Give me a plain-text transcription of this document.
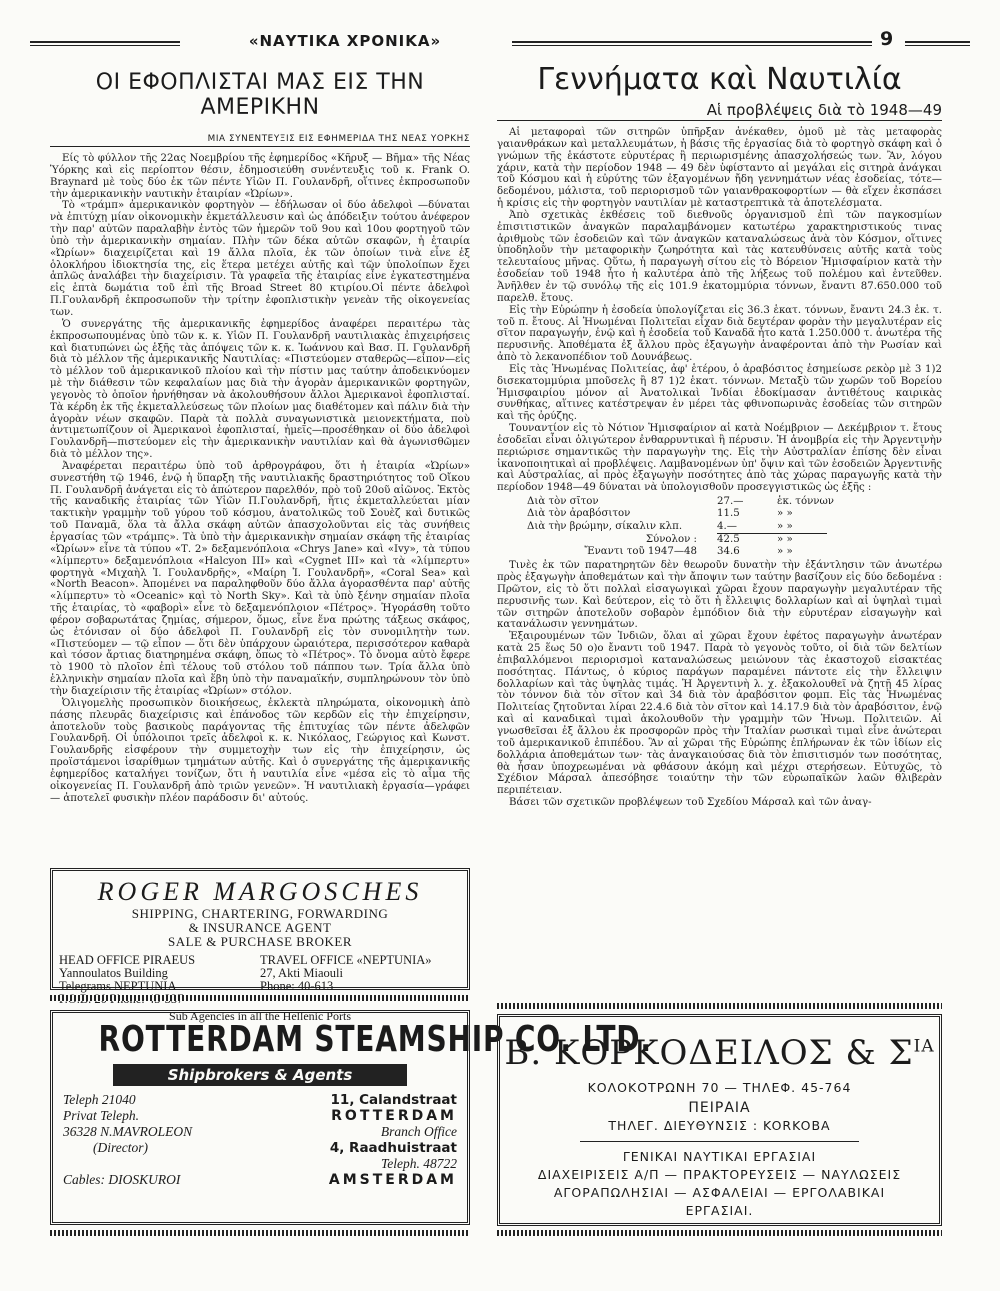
«ΝΑΥΤΙΚΑ ΧΡΟΝΙΚΑ»	9
ΟΙ ΕΦΟΠΛΙΣΤΑΙ ΜΑΣ ΕΙΣ ΤΗΝ ΑΜΕΡΙΚΗΝ
ΜΙΑ ΣΥΝΕΝΤΕΥΞΙΣ ΕΙΣ ΕΦΗΜΕΡΙΔΑ ΤΗΣ ΝΕΑΣ ΥΟΡΚΗΣ

Είς τὸ φύλλον τῆς 22ας Νοεμβρίου τῆς ἐφημερίδος «Κῆρυξ — Βῆμα» τῆς Νέας Ὑόρκης καὶ εἰς περίοπτον θέσιν, ἐδημοσιεύθη συνέντευξις τοῦ κ. Frank O. Braynard μὲ τοὺς δύο ἐκ τῶν πέντε Υἱῶν Π. Γουλανδρῆ, οἵτινες ἐκπροσωποῦν τὴν ἀμερικανικὴν ναυτικὴν ἑταιρίαν «Ὠρίων».

Τὸ «τράμπ» ἀμερικανικὸν φορτηγὸν — ἐδήλωσαν οἱ δύο ἀδελφοὶ —δύναται νὰ ἐπιτύχῃ μίαν οἰκονομικὴν ἐκμετάλλευσιν καὶ ὡς ἀπόδειξιν τούτου ἀνέφερον τὴν παρ' αὐτῶν παραλαβὴν ἐντὸς τῶν ἡμερῶν τοῦ 9ου καὶ 10ου φορτηγοῦ τῶν ὑπὸ τὴν ἀμερικανικὴν σημαίαν. Πλὴν τῶν δέκα αὐτῶν σκαφῶν, ἡ ἑταιρία «Ὠρίων» διαχειρίζεται καὶ 19 ἄλλα πλοῖα, ἐκ τῶν ὁποίων τινὰ εἶνε ἐξ ὁλοκλήρου ἰδιοκτησία της, εἰς ἕτερα μετέχει αὐτῆς καὶ τῶν ὑπολοίπων ἔχει ἁπλῶς ἀναλάβει τὴν διαχείρισιν. Τὰ γραφεῖα τῆς ἑταιρίας εἶνε ἐγκατεστημένα εἰς ἑπτὰ δωμάτια τοῦ ἐπὶ τῆς Broad Street 80 κτιρίου.Οἱ πέντε ἀδελφοὶ Π.Γουλανδρῆ ἐκπροσωποῦν τὴν τρίτην ἐφοπλιστικὴν γενεὰν τῆς οἰκογενείας των.

Ὁ συνεργάτης τῆς ἀμερικανικῆς ἐφημερίδος ἀναφέρει περαιτέρω τὰς ἐκπροσωπουμένας ὑπὸ τῶν κ. κ. Υἱῶν Π. Γουλανδρῆ ναυτιλιακὰς ἐπιχειρήσεις καὶ διατυπώνει ὡς ἑξῆς τὰς ἀπόψεις τῶν κ. κ. Ἰωάννου καὶ Βασ. Π. Γουλανδρῆ διὰ τὸ μέλλον τῆς ἀμερικανικῆς Ναυτιλίας: «Πιστεύομεν σταθερῶς—εἶπον—εἰς τὸ μέλλον τοῦ ἀμερικανικοῦ πλοίου καὶ τὴν πίστιν μας ταύτην ἀποδεικνύομεν μὲ τὴν διάθεσιν τῶν κεφαλαίων μας διὰ τὴν ἀγορὰν ἀμερικανικῶν φορτηγῶν, γεγονὸς τὸ ὁποῖον ἠρνήθησαν νὰ ἀκολουθήσουν ἄλλοι Ἀμερικανοὶ ἐφοπλισταί. Τὰ κέρδη ἐκ τῆς ἐκμεταλλεύσεως τῶν πλοίων μας διαθέτομεν καὶ πάλιν διὰ τὴν ἀγορὰν νέων σκαφῶν. Παρὰ τὰ πολλὰ συναγωνιστικὰ μειονεκτήματα, ποὺ ἀντιμετωπίζουν οἱ Ἀμερικανοὶ ἐφοπλισταί, ἡμεῖς—προσέθηκαν οἱ δύο ἀδελφοὶ Γουλανδρῆ—πιστεύομεν εἰς τὴν ἀμερικανικὴν ναυτιλίαν καὶ θὰ ἀγωνισθῶμεν διὰ τὸ μέλλον της».

Ἀναφέρεται περαιτέρω ὑπὸ τοῦ ἀρθρογράφου, ὅτι ἡ ἑταιρία «Ὠρίων» συνεστήθη τῷ 1946, ἐνῷ ἡ ὕπαρξη τῆς ναυτιλιακῆς δραστηριότητος τοῦ Οἴκου Π. Γουλανδρῆ ἀνάγεται εἰς τὸ ἀπώτερον παρελθόν, πρὸ τοῦ 20οῦ αἰῶνος. Ἐκτὸς τῆς καναδικῆς ἑταιρίας τῶν Υἱῶν Π.Γουλανδρῆ, ἥτις ἐκμεταλλεύεται μίαν τακτικὴν γραμμὴν τοῦ γύρου τοῦ κόσμου, ἀνατολικῶς τοῦ Σουὲζ καὶ δυτικῶς τοῦ Παναμᾶ, ὅλα τὰ ἄλλα σκάφη αὐτῶν ἀπασχολοῦνται εἰς τὰς συνήθεις ἐργασίας τῶν «τράμπς». Τὰ ὑπὸ τὴν ἀμερικανικὴν σημαίαν σκάφη τῆς ἑταιρίας «Ὠρίων» εἶνε τὰ τύπου «Τ. 2» δεξαμενόπλοια «Chrys Jane» καὶ «Ivy», τὰ τύπου «λίμπερτυ» δεξαμενόπλοια «Halcyon III» καὶ «Cygnet III» καὶ τὰ «λίμπερτυ» φορτηγὰ «Μιχαὴλ Ἰ. Γουλανδρῆς», «Μαίρη Ἰ. Γουλανδρῆ», «Coral Sea» καὶ «North Beacon». Ἀπομένει να παραληφθοῦν δύο ἄλλα ἀγορασθέντα παρ' αὐτῆς «λίμπερτυ» τὸ «Oceanic» καὶ τὸ North Sky». Καὶ τὰ ὑπὸ ξένην σημαίαν πλοῖα τῆς ἑταιρίας, τὸ «φαβορὶ» εἶνε τὸ δεξαμενόπλοιον «Πέτρος». Ἠγοράσθη τοῦτο φέρον σοβαρωτάτας ζημίας, σήμερον, ὅμως, εἶνε ἕνα πρώτης τάξεως σκάφος, ὡς ἐτόνισαν οἱ δύο ἀδελφοὶ Π. Γουλανδρῆ εἰς τὸν συνομιλητὴν των. «Πιστεύομεν — τῷ εἶπον — ὅτι δὲν ὑπάρχουν ὡραιότερα, περισσότερον καθαρὰ καὶ τόσον ἄρτιας διατηρημένα σκάφη, ὅπως τὸ «Πέτρος». Τὸ ὄνομα αὐτὸ ἔφερε τὸ 1900 τὸ πλοῖον ἐπὶ τέλους τοῦ στόλου τοῦ πάππου των. Τρία ἄλλα ὑπὸ ἑλληνικὴν σημαίαν πλοῖα καὶ ἕβη ὑπὸ τὴν παναμαϊκήν, συμπληρώνουν τὸν ὑπὸ τὴν διαχείρισιν τῆς ἑταιρίας «Ὠρίων» στόλον.

Ὀλιγομελὴς προσωπικὸν διοικήσεως, ἐκλεκτὰ πληρώματα, οἰκονομικὴ ἀπὸ πάσης πλευρᾶς διαχείρισις καὶ ἐπάνοδος τῶν κερδῶν εἰς τὴν ἐπιχείρησιν, ἀποτελοῦν τοὺς βασικοὺς παράγοντας τῆς ἐπιτυχίας τῶν πέντε ἀδελφῶν Γουλανδρῆ. Οἱ ὑπόλοιποι τρεῖς ἀδελφοὶ κ. κ. Νικόλαος, Γεώργιος καὶ Κωνστ. Γουλανδρῆς εἰσφέρουν τὴν συμμετοχὴν των εἰς τὴν ἐπιχείρησιν, ὡς προϊστάμενοι ἰσαρίθμων τμημάτων αὐτῆς. Καὶ ὁ συνεργάτης τῆς ἀμερικανικῆς ἐφημερίδος καταλήγει τονίζων, ὅτι ἡ ναυτιλία εἶνε «μέσα εἰς τὸ αἷμα τῆς οἰκογενείας Π. Γουλανδρῆ ἀπὸ τριῶν γενεῶν». Ἡ ναυτιλιακὴ ἐργασία—γράφει — ἀποτελεῖ φυσικὴν πλέον παράδοσιν δι' αὐτούς.

Γεννήματα καὶ Ναυτιλία
Αἱ προβλέψεις διὰ τὸ 1948—49

Αἱ μεταφοραὶ τῶν σιτηρῶν ὑπῆρξαν ἀνέκαθεν, ὁμοῦ μὲ τὰς μεταφορὰς γαιανθράκων καὶ μεταλλευμάτων, ἡ βάσις τῆς ἐργασίας διὰ τὸ φορτηγὸ σκάφη καὶ ὁ γνώμων τῆς ἑκάστοτε εὐρυτέρας ἢ περιωρισμένης ἀπασχολήσεώς των. Ἂν, λόγου χάριν, κατὰ τὴν περίοδον 1948 — 49 δὲν ὑφίσταντο αἱ μεγάλαι εἰς σιτηρὰ ἀνάγκαι τοῦ Κόσμου καὶ ἡ εὐρύτης τῶν ἐξαγομένων ἤδη γεννημάτων νέας ἐσοδείας, τότε—δεδομένου, μάλιστα, τοῦ περιορισμοῦ τῶν γαιανθρακοφορτίων — θὰ εἴχεν ἐκσπάσει ἡ κρίσις εἰς τὴν φορτηγὸν ναυτιλίαν μὲ καταστρεπτικὰ τὰ ἀποτελέσματα.

Ἀπὸ σχετικὰς ἐκθέσεις τοῦ διεθνοῦς ὀργανισμοῦ ἐπὶ τῶν παγκοσμίων ἐπισιτιστικῶν ἀναγκῶν παραλαμβάνομεν κατωτέρω χαρακτηριστικούς τινας ἀριθμοὺς τῶν ἐσοδειῶν καὶ τῶν ἀναγκῶν καταναλώσεως ἀνὰ τὸν Κόσμον, οἵτινες ὑποδηλοῦν τὴν μεταφορικὴν ζωηρότητα καὶ τὰς κατευθύνσεις αὐτῆς κατὰ τοὺς τελευταίους μῆνας. Οὕτω, ἡ παραγωγὴ σίτου εἰς τὸ Βόρειον Ἡμισφαίριον κατὰ τὴν ἐσοδείαν τοῦ 1948 ἦτο ἡ καλυτέρα ἀπὸ τῆς λήξεως τοῦ πολέμου καὶ ἐντεῦθεν. Ἀνῆλθεν ἐν τῷ συνόλῳ τῆς εἰς 101.9 ἑκατομμύρια τόννων, ἔναντι 87.650.000 τοῦ παρελθ. ἔτους.

Εἰς τὴν Εὐρώπην ἡ ἐσοδεία ὑπολογίζεται εἰς 36.3 ἑκατ. τόννων, ἔναντι 24.3 ἑκ. τ. τοῦ π. ἔτους. Αἱ Ἡνωμέναι Πολιτεῖαι εἶχαν διὰ δευτέραν φορὰν τὴν μεγαλυτέραν εἰς σῖτον παραγωγήν, ἐνῷ καὶ ἡ ἐσοδεία τοῦ Καναδᾶ ἦτο κατὰ 1.250.000 τ. ἀνωτέρα τῆς περυσινῆς. Ἀποθέματα ἐξ ἄλλου πρὸς ἐξαγωγὴν ἀναφέρονται ἀπὸ τὴν Ρωσίαν καὶ ἀπὸ τὸ λεκανοπέδιον τοῦ Δουνάβεως.

Εἰς τὰς Ἡνωμένας Πολιτείας, ἀφ' ἑτέρου, ὁ ἀραβόσιτος ἐσημείωσε ρεκὸρ μὲ 3 1)2 δισεκατομμύρια μποῦσελς ἢ 87 1)2 ἑκατ. τόννων. Μεταξὺ τῶν χωρῶν τοῦ Βορείου Ἡμισφαιρίου μόνον αἱ Ἀνατολικαὶ Ἰνδίαι ἐδοκίμασαν ἀντιθέτους καιρικὰς συνθήκας, αἵτινες κατέστρεψαν ἐν μέρει τὰς φθινοπωρινὰς ἐσοδείας τῶν σιτηρῶν καὶ τῆς ὀρύζης.

Τουναντίον εἰς τὸ Νότιον Ἡμισφαίριον αἱ κατὰ Νοέμβριον — Δεκέμβριον τ. ἔτους ἐσοδεῖαι εἶναι ὀλιγώτερον ἐνθαρρυντικαὶ ἢ πέρυσιν. Ἡ ἀνομβρία εἰς τὴν Ἀργεντινὴν περιώρισε σημαντικῶς τὴν παραγωγὴν της. Εἰς τὴν Αὐστραλίαν ἐπίσης δὲν εἶναι ἱκανοποιητικαὶ αἱ προβλέψεις. Λαμβανομένων ὑπ' ὄψιν καὶ τῶν ἐσοδειῶν Ἀργεντινῆς καὶ Αὐστραλίας, αἱ πρὸς ἐξαγωγὴν ποσότητες ἀπὸ τὰς χώρας παραγωγῆς κατὰ τὴν περίοδον 1948—49 δύναται νὰ ὑπολογισθοῦν προσεγγιστικῶς ὡς ἑξῆς :

Διὰ τὸν σῖτον	27.—	ἑκ. τόννων
Διὰ τὸν ἀραβόσιτον	11.5	» »
Διὰ τὴν βρώμην, σίκαλιν κλπ.	4.—	» »
Σύνολον :	42.5	» »
Ἔναντι τοῦ 1947—48	34.6	» »

Τινὲς ἐκ τῶν παρατηρητῶν δὲν θεωροῦν δυνατὴν τὴν ἐξάντλησιν τῶν ἀνωτέρω πρὸς ἐξαγωγὴν ἀποθεμάτων καὶ τὴν ἄποψιν των ταύτην βασίζουν εἰς δύο δεδομένα : Πρῶτον, εἰς τὸ ὅτι πολλαὶ εἰσαγωγικαὶ χῶραι ἔχουν παραγωγὴν μεγαλυτέραν τῆς περυσινῆς των. Καὶ δεύτερον, εἰς τὸ ὅτι ἡ ἔλλειψις δολλαρίων καὶ αἱ ὑψηλαὶ τιμαὶ τῶν σιτηρῶν ἀποτελοῦν σοβαρὸν ἐμπόδιον διὰ τὴν εὐρυτέραν εἰσαγωγὴν καὶ κατανάλωσιν γεννημάτων.

Ἐξαιρουμένων τῶν Ἰνδιῶν, ὅλαι αἱ χῶραι ἔχουν ἐφέτος παραγωγὴν ἀνωτέραν κατὰ 25 ἕως 50 ο)ο ἔναντι τοῦ 1947. Παρὰ τὸ γεγονὸς τοῦτο, οἱ διὰ τῶν δελτίων ἐπιβαλλόμενοι περιορισμοὶ καταναλώσεως μειώνουν τὰς ἐκαστοχοῦ εἰσακτέας ποσότητας. Πάντως, ὁ κύριος παράγων παραμένει πάντοτε εἰς τὴν ἔλλειψιν δολλαρίων καὶ τὰς ὑψηλὰς τιμάς. Ἡ Ἀργεντινὴ λ. χ. ἐξακολουθεῖ νὰ ζητῇ 45 λίρας τὸν τόννον διὰ τὸν σῖτον καὶ 34 διὰ τὸν ἀραβόσιτον φομπ. Εἰς τὰς Ἡνωμένας Πολιτείας ζητοῦνται λίραι 22.4.6 διὰ τὸν σῖτον καὶ 14.17.9 διὰ τὸν ἀραβόσιτον, ἐνῷ καὶ αἱ καναδικαὶ τιμαὶ ἀκολουθοῦν τὴν γραμμὴν τῶν Ἡνωμ. Πολιτειῶν. Αἱ γνωσθεῖσαι ἐξ ἄλλου ἐκ προσφορῶν πρὸς τὴν Ἰταλίαν ρωσικαὶ τιμαὶ εἶνε ἀνώτεραι τοῦ ἀμερικανικοῦ ἐπιπέδου. Ἂν αἱ χῶραι τῆς Εὐρώπης ἐπλήρωναν ἐκ τῶν ἰδίων εἰς δολλάρια ἀποθεμάτων των· τὰς ἀναγκαιούσας διὰ τὸν ἐπισιτισμόν των ποσότητας, θὰ ἦσαν ὑποχρεωμέναι νὰ φθάσουν ἀκόμη καὶ μέχρι στερήσεων. Εὐτυχῶς, τὸ Σχέδιον Μάρσαλ ἀπεσόβησε τοιαύτην τὴν τῶν εὐρωπαϊκῶν λαῶν θλιβερὰν περιπέτειαν.

Βάσει τῶν σχετικῶν προβλέψεων τοῦ Σχεδίου Μάρσαλ καὶ τῶν ἀναγ-

ROGER MARGOSCHES
SHIPPING, CHARTERING, FORWARDING
& INSURANCE AGENT
SALE & PURCHASE BROKER
HEAD OFFICE PIRAEUS
Yannoulatos Building
Telegrams NEPTUNIA
TRAVEL OFFICE «NEPTUNIA»
27, Akti Miaouli
Phone: 40-613
Sub Agencies in all the Hellenic Ports
ROTTERDAM STEAMSHIP CO. LTD.
Shipbrokers & Agents
Teleph 21040
Privat Teleph.
36328 N.MAVROLEON
(Director)
Cables: DIOSKUROI
11, Calandstraat
ROTTERDAM
Branch Office
4, Raadhuistraat
Teleph. 48722
AMSTERDAM
Β. ΚΟΡΚΟΔΕΙΛΟΣ & $\Sigma^{IA}$
ΚΟΛΟΚΟΤΡΩΝΗ 70 — ΤΗΛΕΦ. 45-764
ΠΕΙΡΑΙΑ
ΤΗΛΕΓ. ΔΙΕΥΘΥΝΣΙΣ : KORKOBA
ΓΕΝΙΚΑΙ ΝΑΥΤΙΚΑΙ ΕΡΓΑΣΙΑΙ
ΔΙΑΧΕΙΡΙΣΕΙΣ Α/Π — ΠΡΑΚΤΟΡΕΥΣΕΙΣ — ΝΑΥΛΩΣΕΙΣ
ΑΓΟΡΑΠΩΛΗΣΙΑΙ — ΑΣΦΑΛΕΙΑΙ — ΕΡΓΟΛΑΒΙΚΑΙ
ΕΡΓΑΣΙΑΙ.
